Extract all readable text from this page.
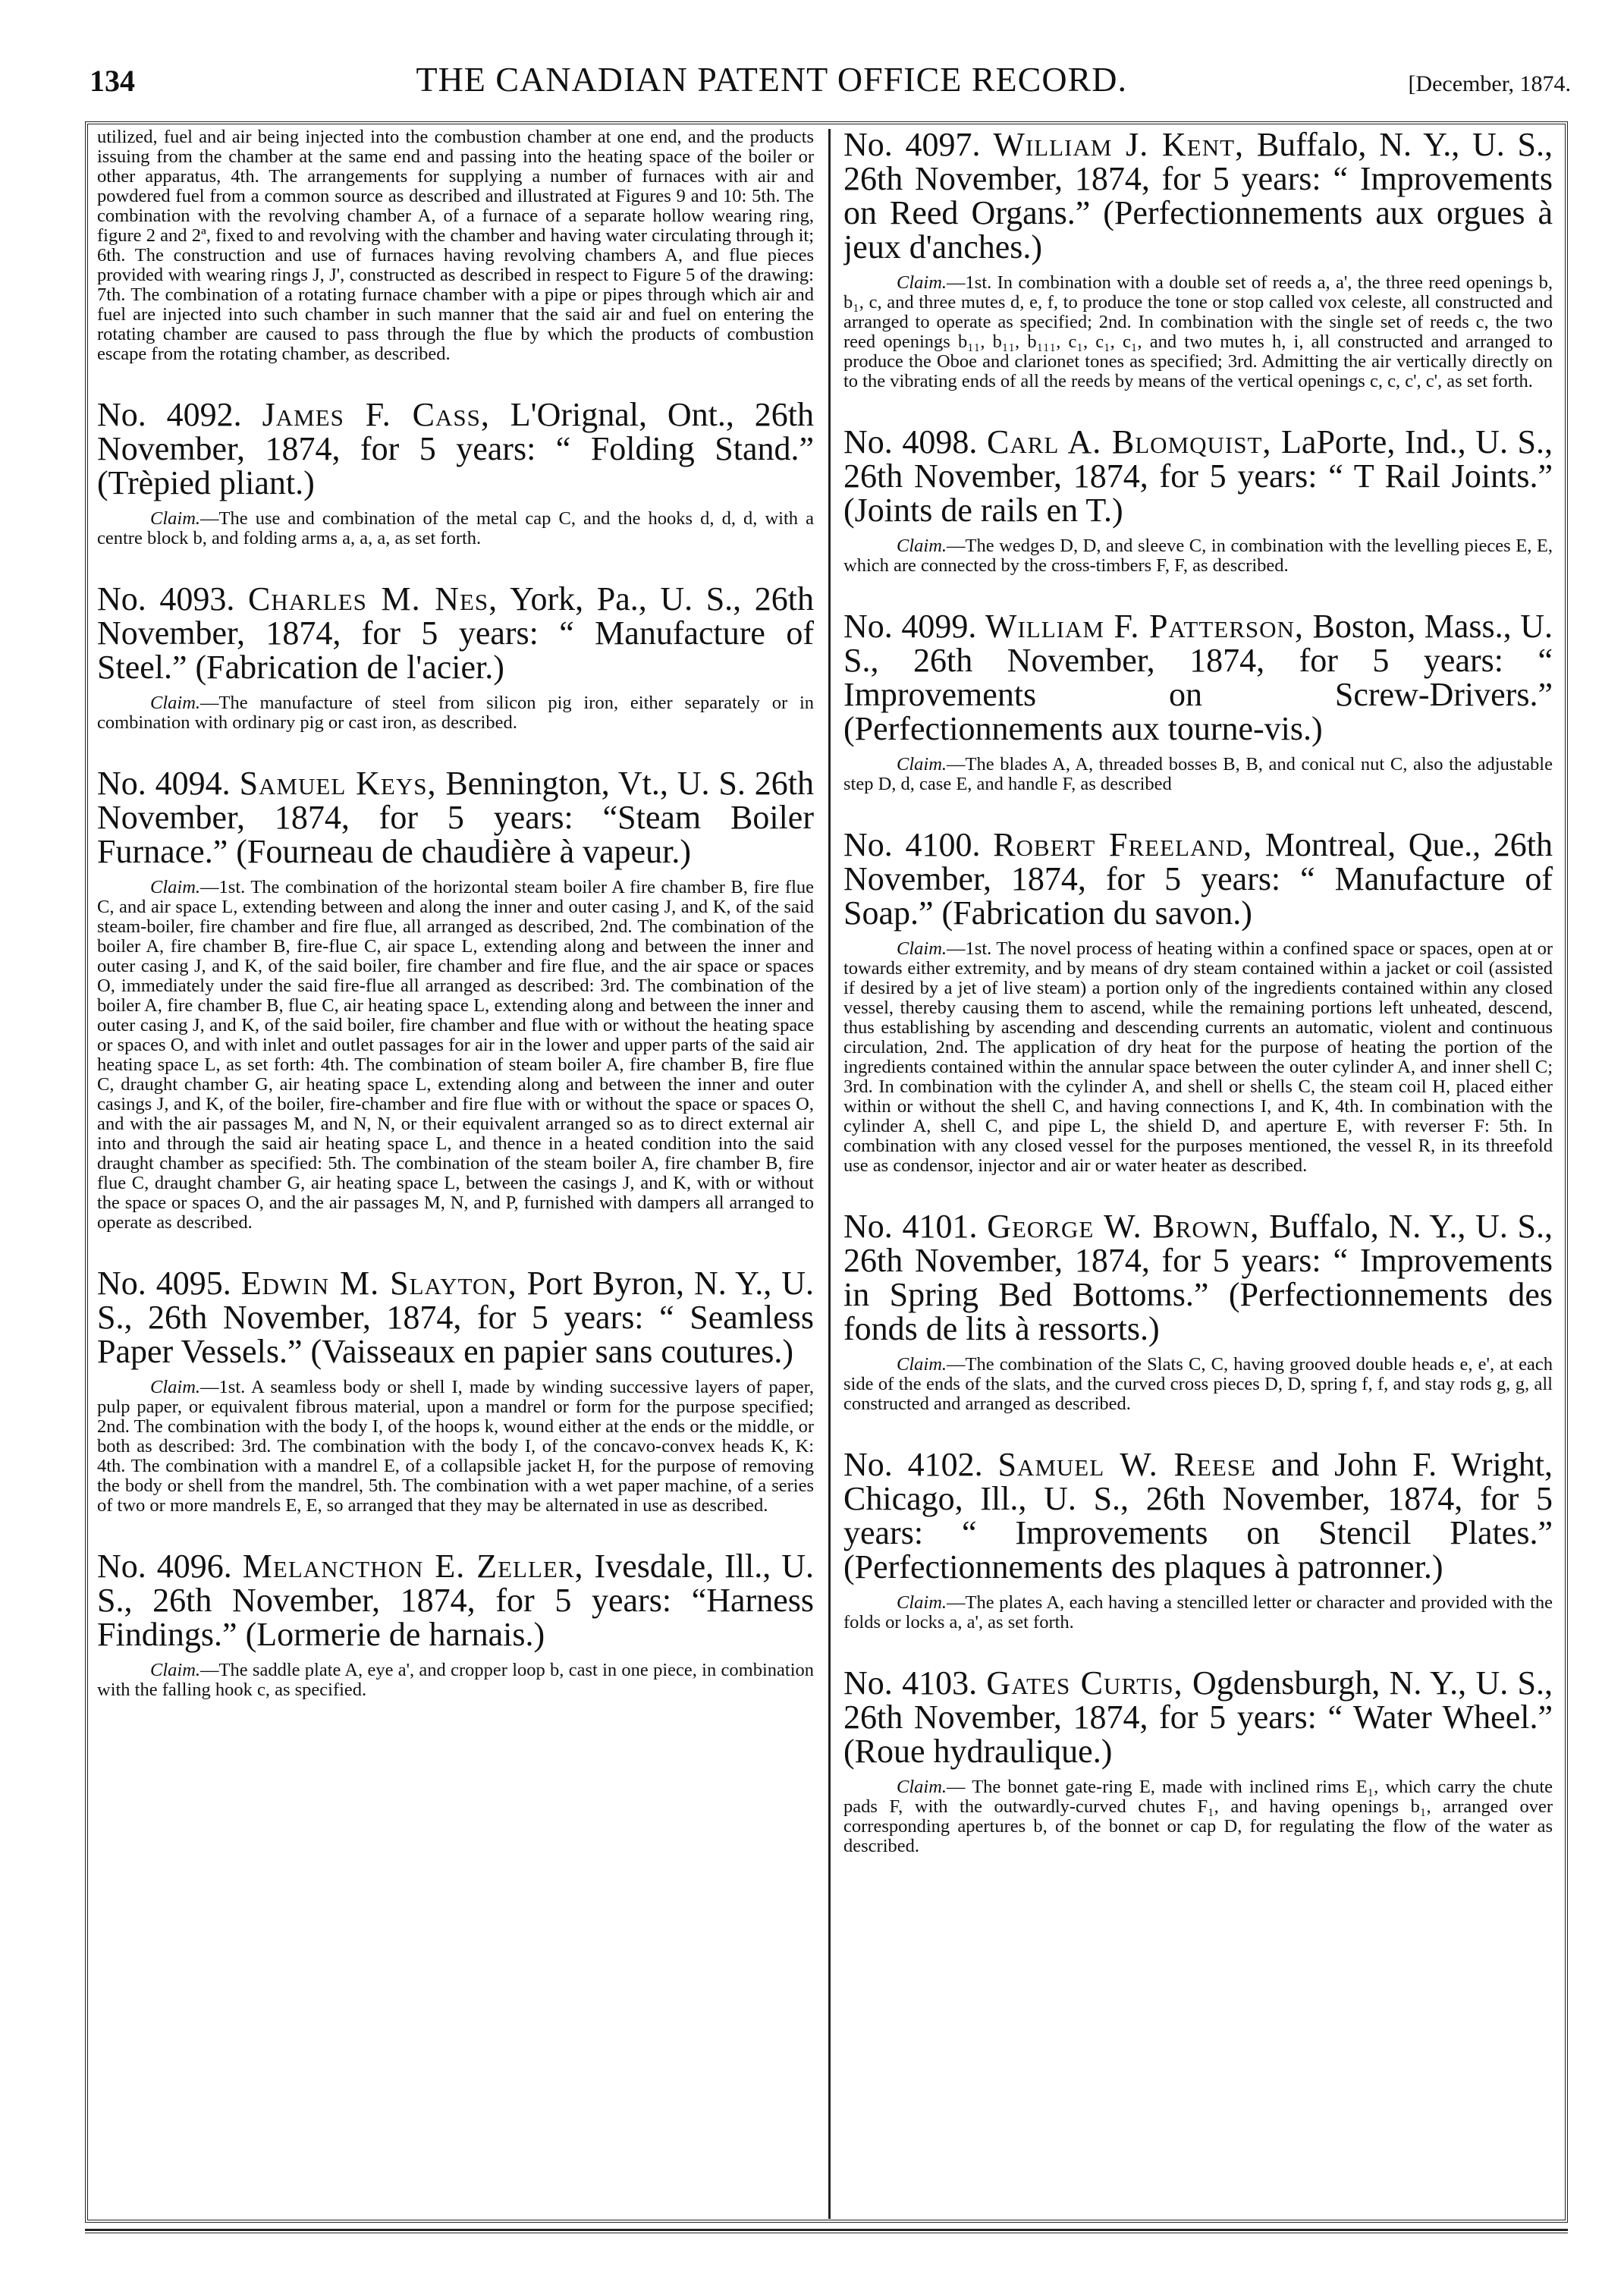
134	THE CANADIAN PATENT OFFICE RECORD.	[December, 1874.

utilized, fuel and air being injected into the combustion chamber at one end, and the products issuing from the chamber at the same end and passing into the heating space of the boiler or other apparatus, 4th. The arrangements for supplying a number of furnaces with air and powdered fuel from a common source as described and illustrated at Figures 9 and 10: 5th. The combination with the revolving chamber A, of a furnace of a separate hollow wearing ring, figure 2 and 2ª, fixed to and revolving with the chamber and having water circulating through it; 6th. The construction and use of furnaces having revolving chambers A, and flue pieces provided with wearing rings J, J', constructed as described in respect to Figure 5 of the drawing: 7th. The combination of a rotating furnace chamber with a pipe or pipes through which air and fuel are injected into such chamber in such manner that the said air and fuel on entering the rotating chamber are caused to pass through the flue by which the products of combustion escape from the rotating chamber, as described.

No. 4092. James F. Cass, L'Orignal, Ont., 26th November, 1874, for 5 years: “ Folding Stand.” (Trèpied pliant.)

Claim.—The use and combination of the metal cap C, and the hooks d, d, d, with a centre block b, and folding arms a, a, a, as set forth.

No. 4093. Charles M. Nes, York, Pa., U. S., 26th November, 1874, for 5 years: “ Manufacture of Steel.” (Fabrication de l'acier.)

Claim.—The manufacture of steel from silicon pig iron, either separately or in combination with ordinary pig or cast iron, as described.

No. 4094. Samuel Keys, Bennington, Vt., U. S. 26th November, 1874, for 5 years: “Steam Boiler Furnace.” (Fourneau de chaudière à vapeur.)

Claim.—1st. The combination of the horizontal steam boiler A fire chamber B, fire flue C, and air space L, extending between and along the inner and outer casing J, and K, of the said steam-boiler, fire chamber and fire flue, all arranged as described, 2nd. The combination of the boiler A, fire chamber B, fire-flue C, air space L, extending along and between the inner and outer casing J, and K, of the said boiler, fire chamber and fire flue, and the air space or spaces O, immediately under the said fire-flue all arranged as described: 3rd. The combination of the boiler A, fire chamber B, flue C, air heating space L, extending along and between the inner and outer casing J, and K, of the said boiler, fire chamber and flue with or without the heating space or spaces O, and with inlet and outlet passages for air in the lower and upper parts of the said air heating space L, as set forth: 4th. The combination of steam boiler A, fire chamber B, fire flue C, draught chamber G, air heating space L, extending along and between the inner and outer casings J, and K, of the boiler, fire-chamber and fire flue with or without the space or spaces O, and with the air passages M, and N, N, or their equivalent arranged so as to direct external air into and through the said air heating space L, and thence in a heated condition into the said draught chamber as specified: 5th. The combination of the steam boiler A, fire chamber B, fire flue C, draught chamber G, air heating space L, between the casings J, and K, with or without the space or spaces O, and the air passages M, N, and P, furnished with dampers all arranged to operate as described.

No. 4095. Edwin M. Slayton, Port Byron, N. Y., U. S., 26th November, 1874, for 5 years: “ Seamless Paper Vessels.” (Vaisseaux en papier sans coutures.)

Claim.—1st. A seamless body or shell I, made by winding successive layers of paper, pulp paper, or equivalent fibrous material, upon a mandrel or form for the purpose specified; 2nd. The combination with the body I, of the hoops k, wound either at the ends or the middle, or both as described: 3rd. The combination with the body I, of the concavo-convex heads K, K: 4th. The combination with a mandrel E, of a collapsible jacket H, for the purpose of removing the body or shell from the mandrel, 5th. The combination with a wet paper machine, of a series of two or more mandrels E, E, so arranged that they may be alternated in use as described.

No. 4096. Melancthon E. Zeller, Ivesdale, Ill., U. S., 26th November, 1874, for 5 years: “Harness Findings.” (Lormerie de harnais.)

Claim.—The saddle plate A, eye a', and cropper loop b, cast in one piece, in combination with the falling hook c, as specified.

No. 4097. William J. Kent, Buffalo, N. Y., U. S., 26th November, 1874, for 5 years: “ Improvements on Reed Organs.” (Perfectionnements aux orgues à jeux d'anches.)

Claim.—1st. In combination with a double set of reeds a, a', the three reed openings b, b₁, c, and three mutes d, e, f, to produce the tone or stop called vox celeste, all constructed and arranged to operate as specified; 2nd. In combination with the single set of reeds c, the two reed openings b₁₁, b₁₁, b₁₁₁, c₁, c₁, c₁, and two mutes h, i, all constructed and arranged to produce the Oboe and clarionet tones as specified; 3rd. Admitting the air vertically directly on to the vibrating ends of all the reeds by means of the vertical openings c, c, c', c', as set forth.

No. 4098. Carl A. Blomquist, LaPorte, Ind., U. S., 26th November, 1874, for 5 years: “ T Rail Joints.” (Joints de rails en T.)

Claim.—The wedges D, D, and sleeve C, in combination with the levelling pieces E, E, which are connected by the cross-timbers F, F, as described.

No. 4099. William F. Patterson, Boston, Mass., U. S., 26th November, 1874, for 5 years: “ Improvements on Screw-Drivers.” (Perfectionnements aux tourne-vis.)

Claim.—The blades A, A, threaded bosses B, B, and conical nut C, also the adjustable step D, d, case E, and handle F, as described

No. 4100. Robert Freeland, Montreal, Que., 26th November, 1874, for 5 years: “ Manufacture of Soap.” (Fabrication du savon.)

Claim.—1st. The novel process of heating within a confined space or spaces, open at or towards either extremity, and by means of dry steam contained within a jacket or coil (assisted if desired by a jet of live steam) a portion only of the ingredients contained within any closed vessel, thereby causing them to ascend, while the remaining portions left unheated, descend, thus establishing by ascending and descending currents an automatic, violent and continuous circulation, 2nd. The application of dry heat for the purpose of heating the portion of the ingredients contained within the annular space between the outer cylinder A, and inner shell C; 3rd. In combination with the cylinder A, and shell or shells C, the steam coil H, placed either within or without the shell C, and having connections I, and K, 4th. In combination with the cylinder A, shell C, and pipe L, the shield D, and aperture E, with reverser F: 5th. In combination with any closed vessel for the purposes mentioned, the vessel R, in its threefold use as condensor, injector and air or water heater as described.

No. 4101. George W. Brown, Buffalo, N. Y., U. S., 26th November, 1874, for 5 years: “ Improvements in Spring Bed Bottoms.” (Perfectionnements des fonds de lits à ressorts.)

Claim.—The combination of the Slats C, C, having grooved double heads e, e', at each side of the ends of the slats, and the curved cross pieces D, D, spring f, f, and stay rods g, g, all constructed and arranged as described.

No. 4102. Samuel W. Reese and John F. Wright, Chicago, Ill., U. S., 26th November, 1874, for 5 years: “ Improvements on Stencil Plates.” (Perfectionnements des plaques à patronner.)

Claim.—The plates A, each having a stencilled letter or character and provided with the folds or locks a, a', as set forth.

No. 4103. Gates Curtis, Ogdensburgh, N. Y., U. S., 26th November, 1874, for 5 years: “ Water Wheel.” (Roue hydraulique.)

Claim.— The bonnet gate-ring E, made with inclined rims E₁, which carry the chute pads F, with the outwardly-curved chutes F₁, and having openings b₁, arranged over corresponding apertures b, of the bonnet or cap D, for regulating the flow of the water as described.
